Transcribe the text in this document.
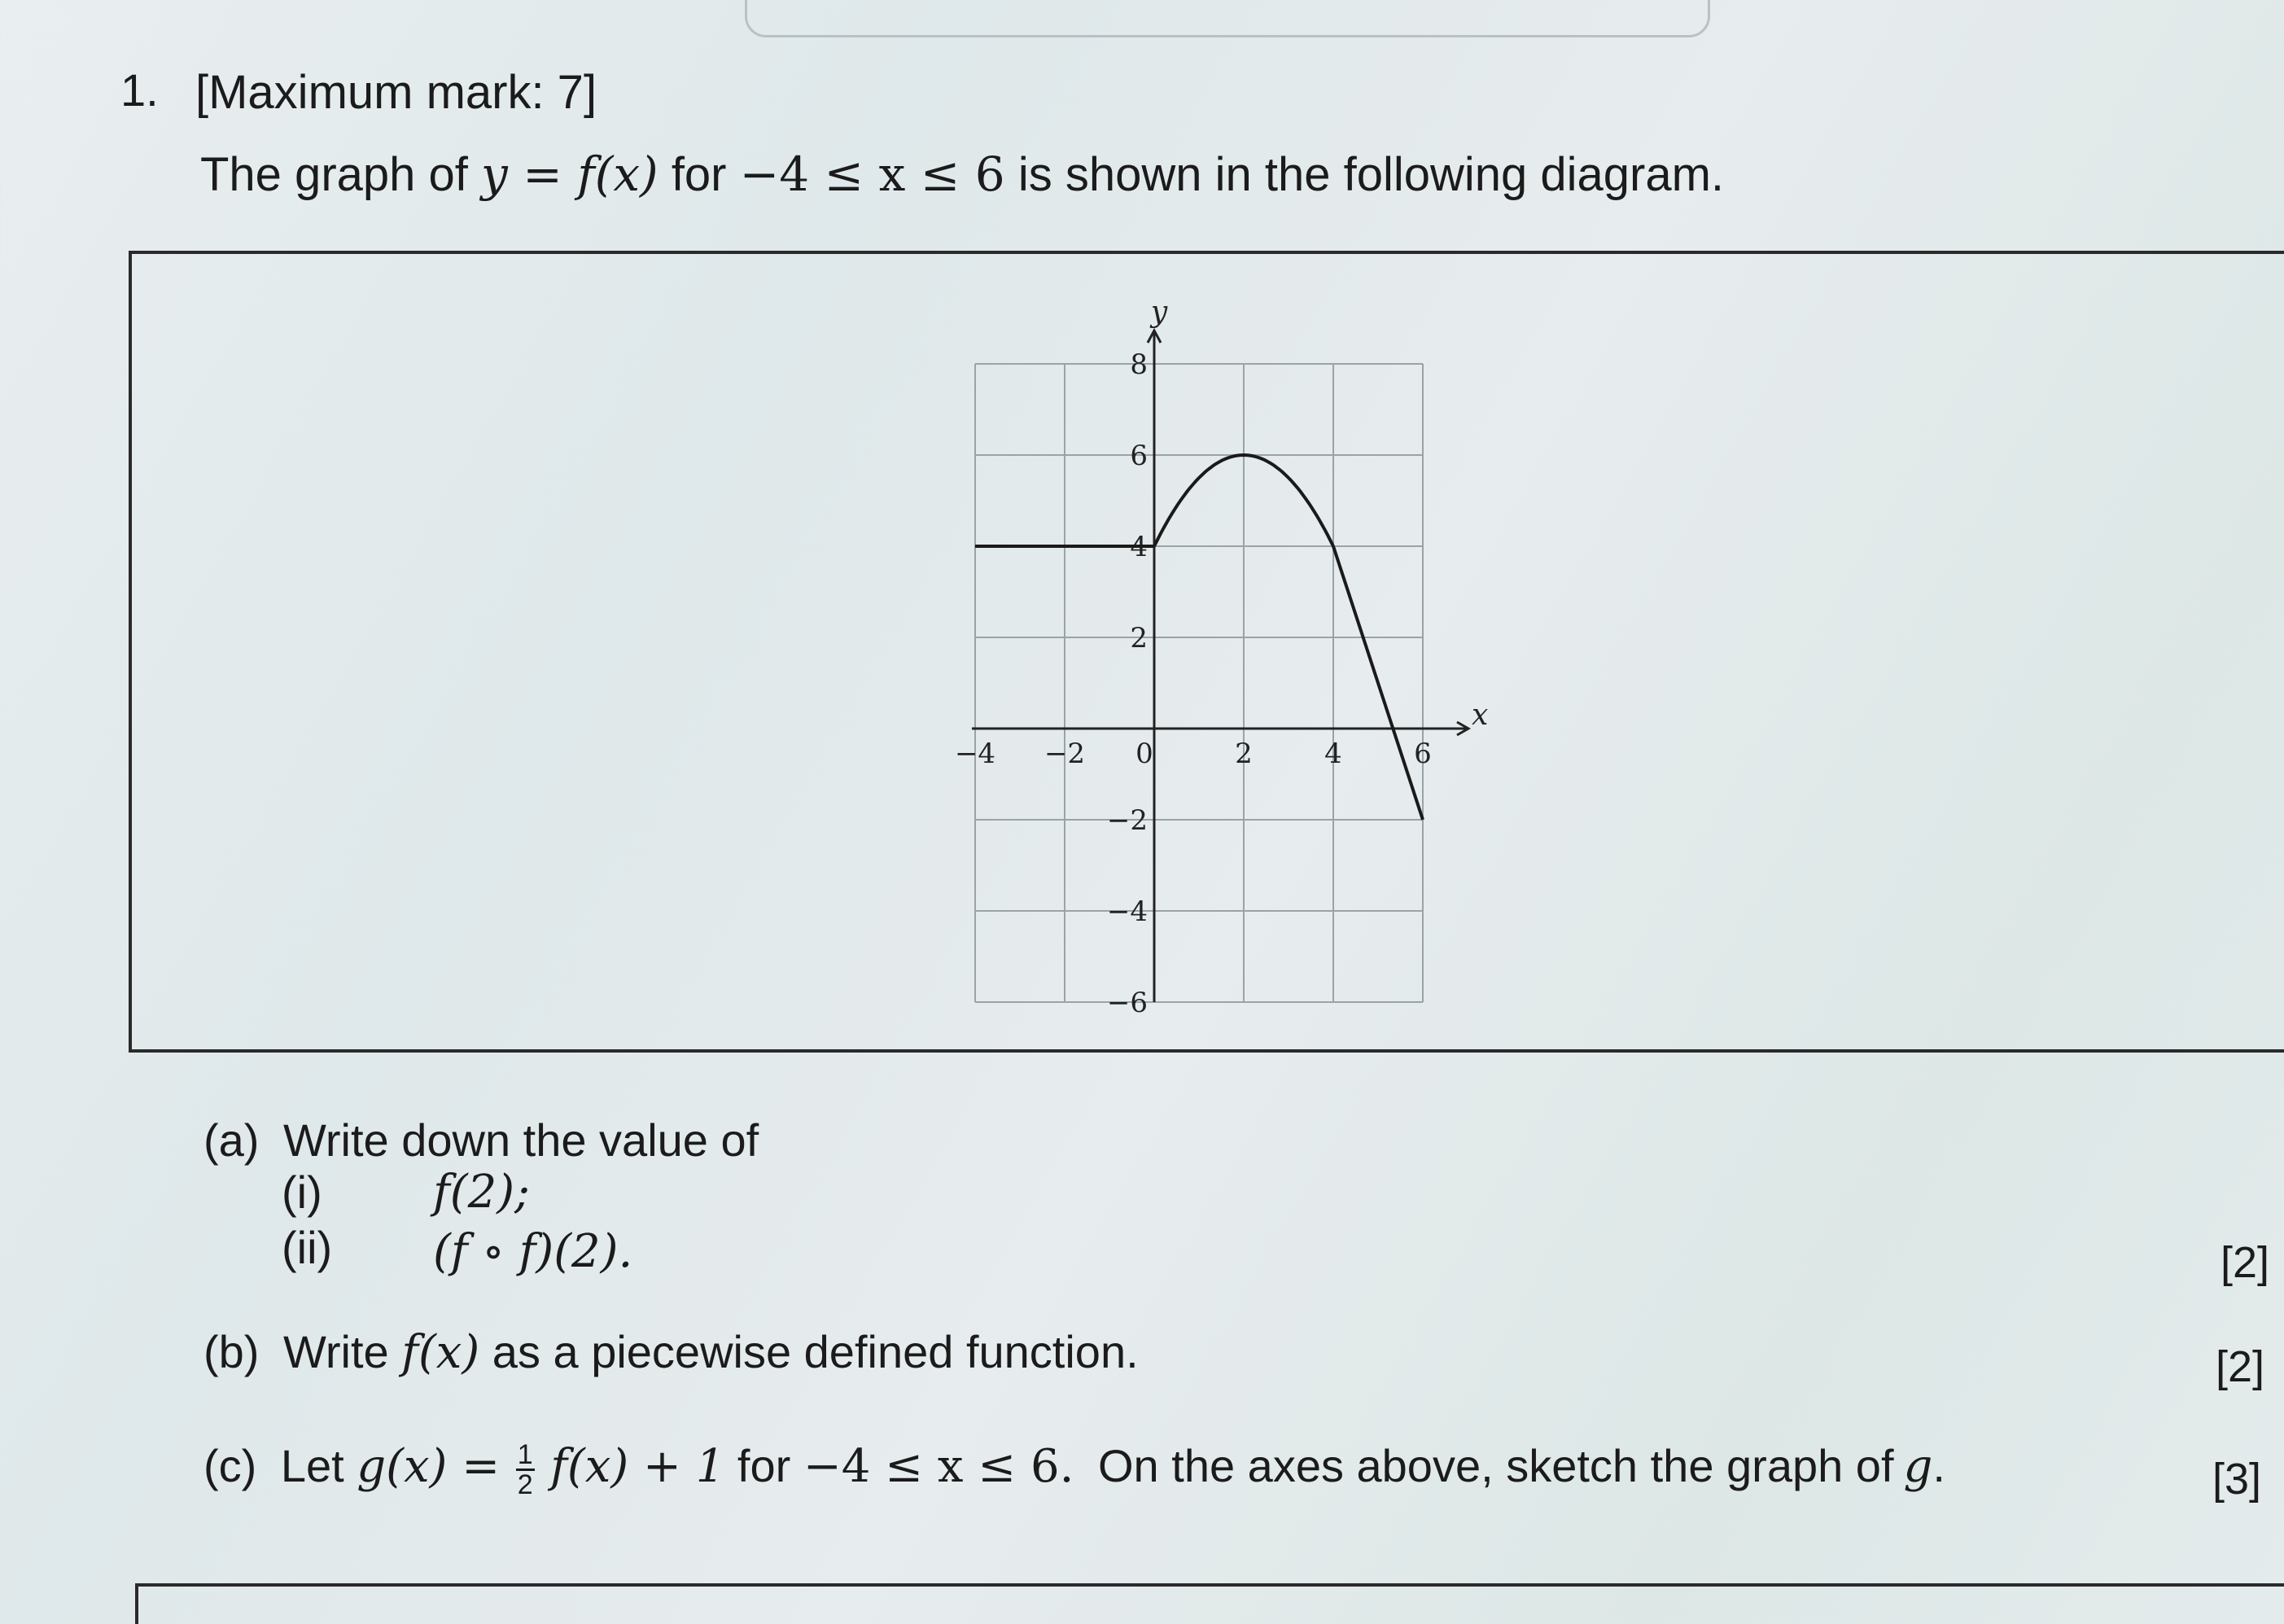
1. [Maximum mark: 7]
The graph of y = f(x) for −4 ≤ x ≤ 6 is shown in the following diagram.
x
y
−4 −2 0	2	4	6
8
6
4
2
−2
−4
−6
(a) Write down the value of
(i) f(2);
(ii) (f ∘ f)(2).	[2]
(b) Write f(x) as a piecewise defined function.	[2]
(c) Let $g(x) = \frac{1}{2} f(x) + 1$ for −4 ≤ x ≤ 6. On the axes above, sketch the graph of g.	[3]
